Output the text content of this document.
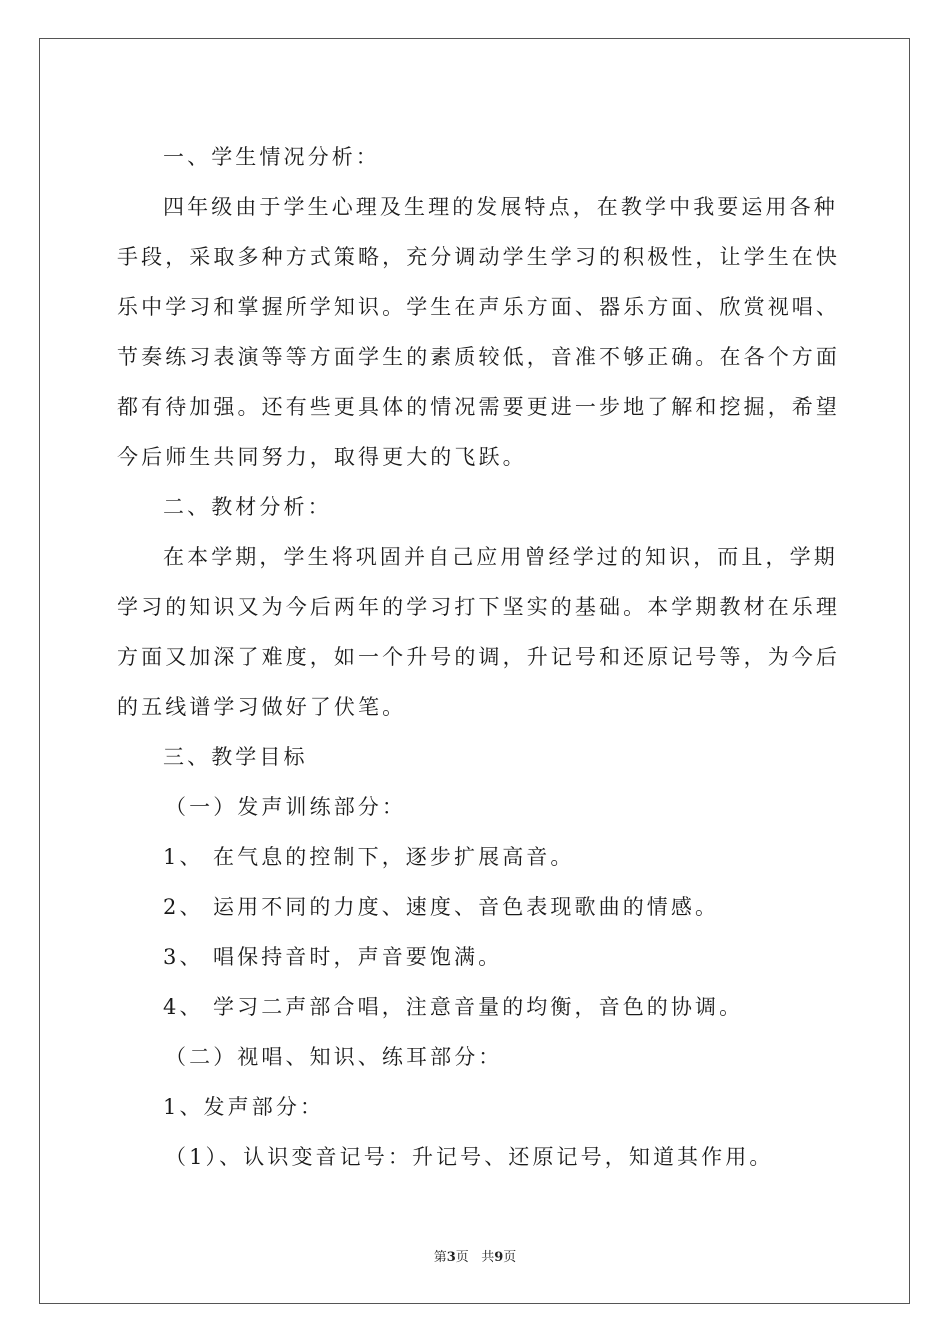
一、学生情况分析：
四年级由于学生心理及生理的发展特点，在教学中我要运用各种
手段，采取多种方式策略，充分调动学生学习的积极性，让学生在快
乐中学习和掌握所学知识。学生在声乐方面、器乐方面、欣赏视唱、
节奏练习表演等等方面学生的素质较低，音准不够正确。在各个方面
都有待加强。还有些更具体的情况需要更进一步地了解和挖掘，希望
今后师生共同努力，取得更大的飞跃。
二、教材分析：
在本学期，学生将巩固并自己应用曾经学过的知识，而且，学期
学习的知识又为今后两年的学习打下坚实的基础。本学期教材在乐理
方面又加深了难度，如一个升号的调，升记号和还原记号等，为今后
的五线谱学习做好了伏笔。
三、教学目标
（一）发声训练部分：
1、 在气息的控制下，逐步扩展高音。
2、 运用不同的力度、速度、音色表现歌曲的情感。
3、 唱保持音时，声音要饱满。
4、 学习二声部合唱，注意音量的均衡，音色的协调。
（二）视唱、知识、练耳部分：
1、发声部分：
（1）、认识变音记号：升记号、还原记号，知道其作用。
第3页   共9页
